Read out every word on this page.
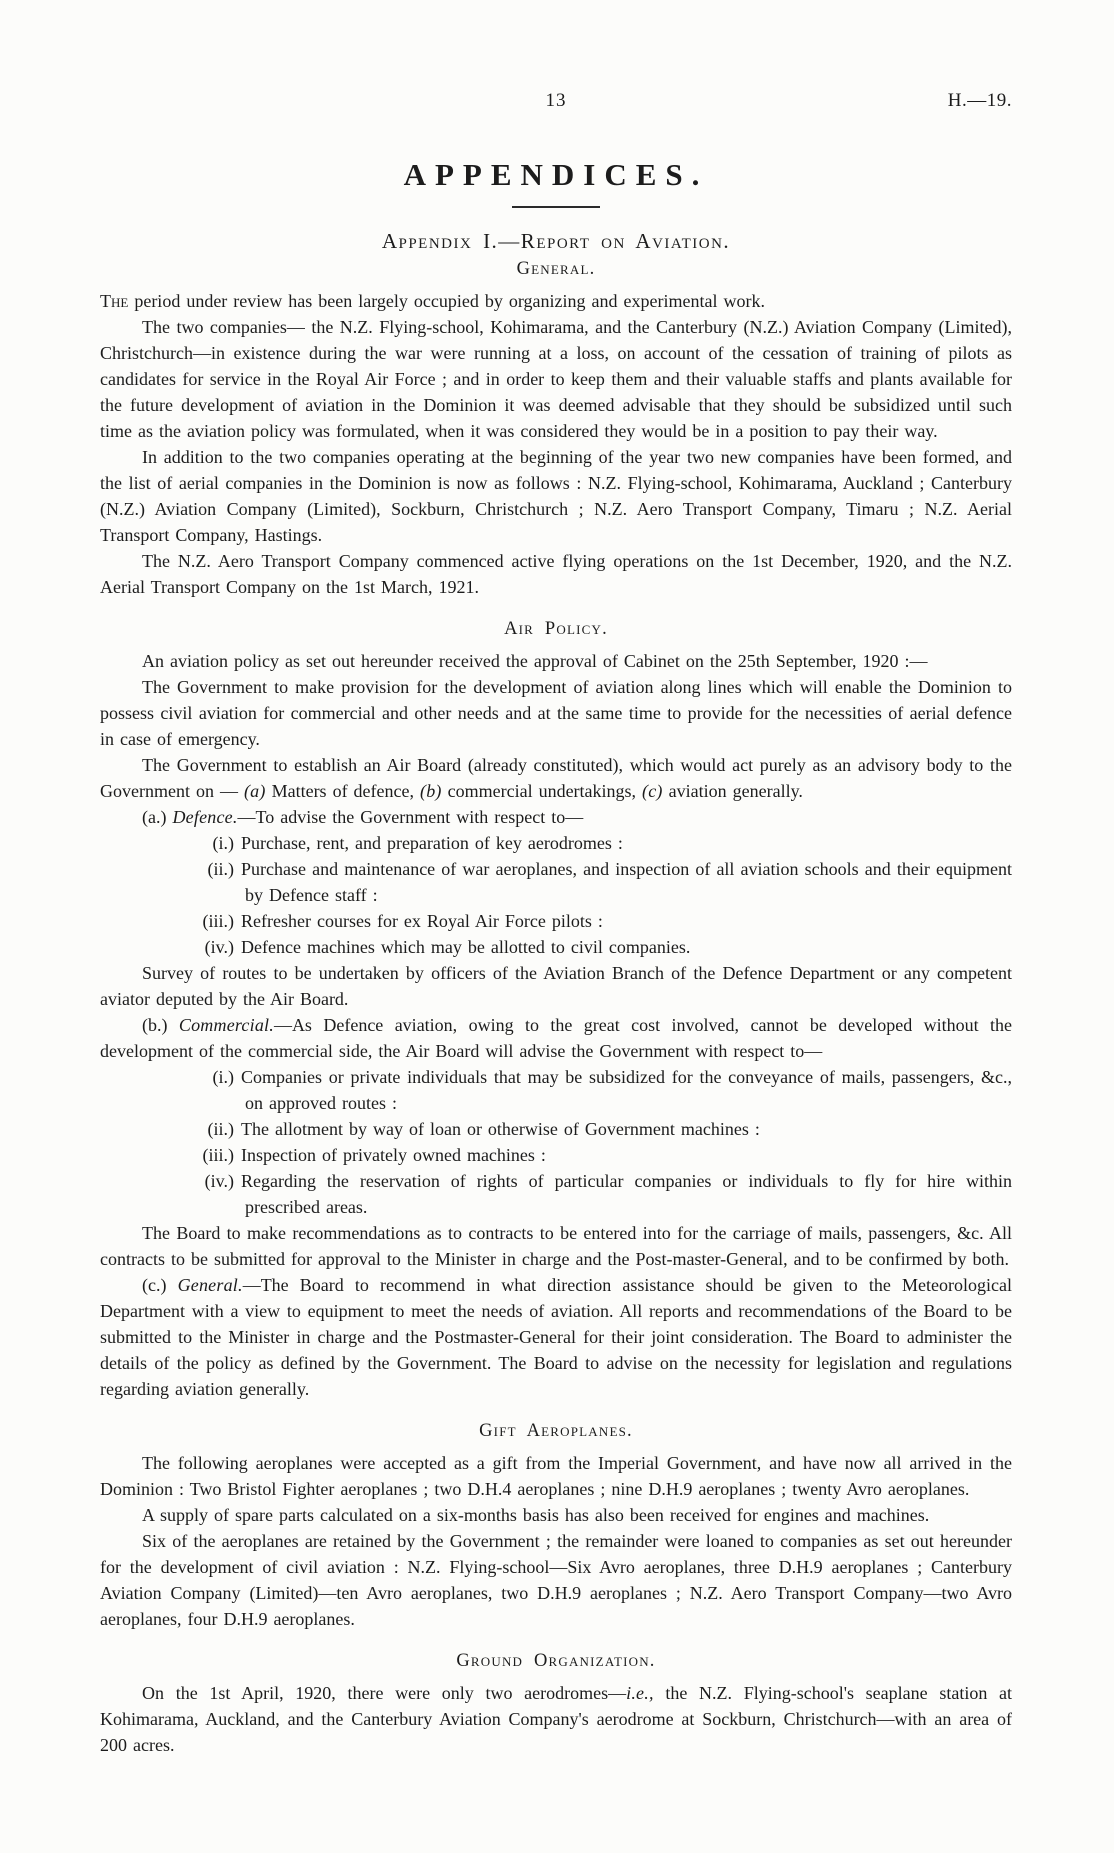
13	H.—19.
APPENDICES.
Appendix I.—Report on Aviation.
General.

The period under review has been largely occupied by organizing and experimental work.

The two companies— the N.Z. Flying-school, Kohimarama, and the Canterbury (N.Z.) Aviation Company (Limited), Christchurch—in existence during the war were running at a loss, on account of the cessation of training of pilots as candidates for service in the Royal Air Force ; and in order to keep them and their valuable staffs and plants available for the future development of aviation in the Dominion it was deemed advisable that they should be subsidized until such time as the aviation policy was formulated, when it was considered they would be in a position to pay their way.

In addition to the two companies operating at the beginning of the year two new companies have been formed, and the list of aerial companies in the Dominion is now as follows : N.Z. Flying-school, Kohimarama, Auckland ; Canterbury (N.Z.) Aviation Company (Limited), Sockburn, Christchurch ; N.Z. Aero Transport Company, Timaru ; N.Z. Aerial Transport Company, Hastings.

The N.Z. Aero Transport Company commenced active flying operations on the 1st December, 1920, and the N.Z. Aerial Transport Company on the 1st March, 1921.

Air Policy.

An aviation policy as set out hereunder received the approval of Cabinet on the 25th September, 1920 :—

The Government to make provision for the development of aviation along lines which will enable the Dominion to possess civil aviation for commercial and other needs and at the same time to provide for the necessities of aerial defence in case of emergency.

The Government to establish an Air Board (already constituted), which would act purely as an advisory body to the Government on — (a) Matters of defence, (b) commercial undertakings, (c) aviation generally.

(a.) Defence.—To advise the Government with respect to—

(i.) Purchase, rent, and preparation of key aerodromes :
(ii.) Purchase and maintenance of war aeroplanes, and inspection of all aviation schools and their equipment by Defence staff :
(iii.) Refresher courses for ex Royal Air Force pilots :
(iv.) Defence machines which may be allotted to civil companies.

Survey of routes to be undertaken by officers of the Aviation Branch of the Defence Department or any competent aviator deputed by the Air Board.

(b.) Commercial.—As Defence aviation, owing to the great cost involved, cannot be developed without the development of the commercial side, the Air Board will advise the Government with respect to—

(i.) Companies or private individuals that may be subsidized for the conveyance of mails, passengers, &c., on approved routes :
(ii.) The allotment by way of loan or otherwise of Government machines :
(iii.) Inspection of privately owned machines :
(iv.) Regarding the reservation of rights of particular companies or individuals to fly for hire within prescribed areas.

The Board to make recommendations as to contracts to be entered into for the carriage of mails, passengers, &c. All contracts to be submitted for approval to the Minister in charge and the Post-master-General, and to be confirmed by both.

(c.) General.—The Board to recommend in what direction assistance should be given to the Meteorological Department with a view to equipment to meet the needs of aviation. All reports and recommendations of the Board to be submitted to the Minister in charge and the Postmaster-General for their joint consideration. The Board to administer the details of the policy as defined by the Government. The Board to advise on the necessity for legislation and regulations regarding aviation generally.

Gift Aeroplanes.

The following aeroplanes were accepted as a gift from the Imperial Government, and have now all arrived in the Dominion : Two Bristol Fighter aeroplanes ; two D.H.4 aeroplanes ; nine D.H.9 aeroplanes ; twenty Avro aeroplanes.

A supply of spare parts calculated on a six-months basis has also been received for engines and machines.

Six of the aeroplanes are retained by the Government ; the remainder were loaned to companies as set out hereunder for the development of civil aviation : N.Z. Flying-school—Six Avro aeroplanes, three D.H.9 aeroplanes ; Canterbury Aviation Company (Limited)—ten Avro aeroplanes, two D.H.9 aeroplanes ; N.Z. Aero Transport Company—two Avro aeroplanes, four D.H.9 aeroplanes.

Ground Organization.

On the 1st April, 1920, there were only two aerodromes—i.e., the N.Z. Flying-school's seaplane station at Kohimarama, Auckland, and the Canterbury Aviation Company's aerodrome at Sockburn, Christchurch—with an area of 200 acres.
